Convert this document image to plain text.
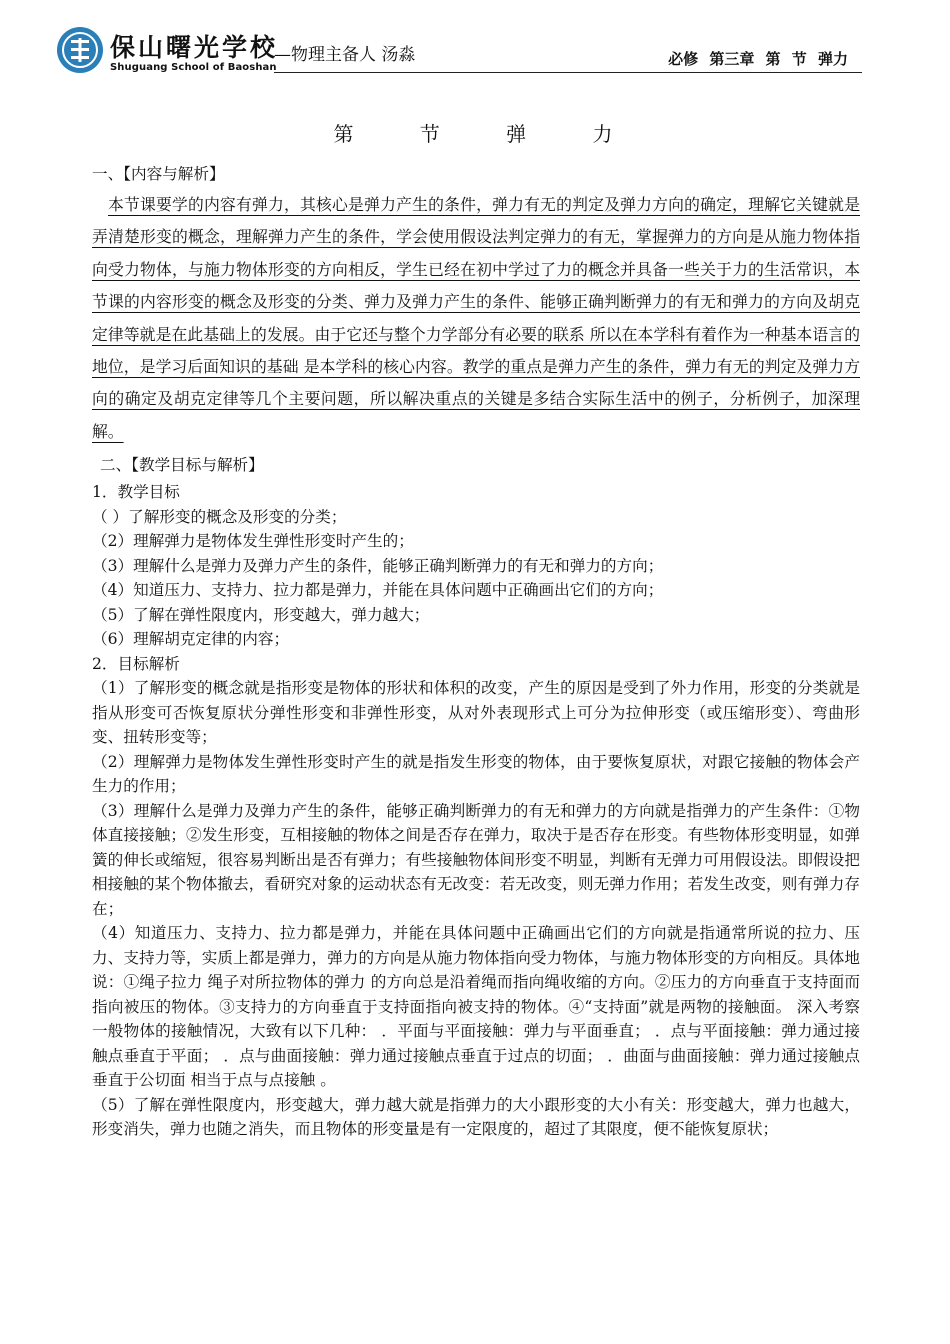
保山曙光学校
Shuguang School of Baoshan
—物理主备人 汤淼	必修 第三章 第 节 弹力
第 节 弹 力
一、【内容与解析】

本节课要学的内容有弹力，其核心是弹力产生的条件，弹力有无的判定及弹力方向的确定，理解它关键就是弄清楚形变的概念，理解弹力产生的条件，学会使用假设法判定弹力的有无，掌握弹力的方向是从施力物体指向受力物体，与施力物体形变的方向相反，学生已经在初中学过了力的概念并具备一些关于力的生活常识，本节课的内容形变的概念及形变的分类、弹力及弹力产生的条件、能够正确判断弹力的有无和弹力的方向及胡克定律等就是在此基础上的发展。由于它还与整个力学部分有必要的联系 所以在本学科有着作为一种基本语言的地位，是学习后面知识的基础 是本学科的核心内容。教学的重点是弹力产生的条件，弹力有无的判定及弹力方向的确定及胡克定律等几个主要问题，所以解决重点的关键是多结合实际生活中的例子，分析例子，加深理解。

二、【教学目标与解析】
1．教学目标
（ ）了解形变的概念及形变的分类；
（2）理解弹力是物体发生弹性形变时产生的；
（3）理解什么是弹力及弹力产生的条件，能够正确判断弹力的有无和弹力的方向；
（4）知道压力、支持力、拉力都是弹力，并能在具体问题中正确画出它们的方向；
（5）了解在弹性限度内，形变越大，弹力越大；
（6）理解胡克定律的内容；
2．目标解析

（1）了解形变的概念就是指形变是物体的形状和体积的改变，产生的原因是受到了外力作用，形变的分类就是指从形变可否恢复原状分弹性形变和非弹性形变，从对外表现形式上可分为拉伸形变（或压缩形变）、弯曲形变、扭转形变等；

（2）理解弹力是物体发生弹性形变时产生的就是指发生形变的物体，由于要恢复原状，对跟它接触的物体会产生力的作用；

（3）理解什么是弹力及弹力产生的条件，能够正确判断弹力的有无和弹力的方向就是指弹力的产生条件：①物体直接接触；②发生形变，互相接触的物体之间是否存在弹力，取决于是否存在形变。有些物体形变明显，如弹簧的伸长或缩短，很容易判断出是否有弹力；有些接触物体间形变不明显，判断有无弹力可用假设法。即假设把相接触的某个物体撤去，看研究对象的运动状态有无改变：若无改变，则无弹力作用；若发生改变，则有弹力存在；

（4）知道压力、支持力、拉力都是弹力，并能在具体问题中正确画出它们的方向就是指通常所说的拉力、压力、支持力等，实质上都是弹力，弹力的方向是从施力物体指向受力物体，与施力物体形变的方向相反。具体地说：①绳子拉力 绳子对所拉物体的弹力 的方向总是沿着绳而指向绳收缩的方向。②压力的方向垂直于支持面而指向被压的物体。③支持力的方向垂直于支持面指向被支持的物体。④“支持面”就是两物的接触面。 深入考察一般物体的接触情况，大致有以下几种： ．平面与平面接触：弹力与平面垂直； ．点与平面接触：弹力通过接触点垂直于平面； ．点与曲面接触：弹力通过接触点垂直于过点的切面； ．曲面与曲面接触：弹力通过接触点垂直于公切面 相当于点与点接触 。

（5）了解在弹性限度内，形变越大，弹力越大就是指弹力的大小跟形变的大小有关：形变越大，弹力也越大，形变消失，弹力也随之消失，而且物体的形变量是有一定限度的，超过了其限度，便不能恢复原状；
